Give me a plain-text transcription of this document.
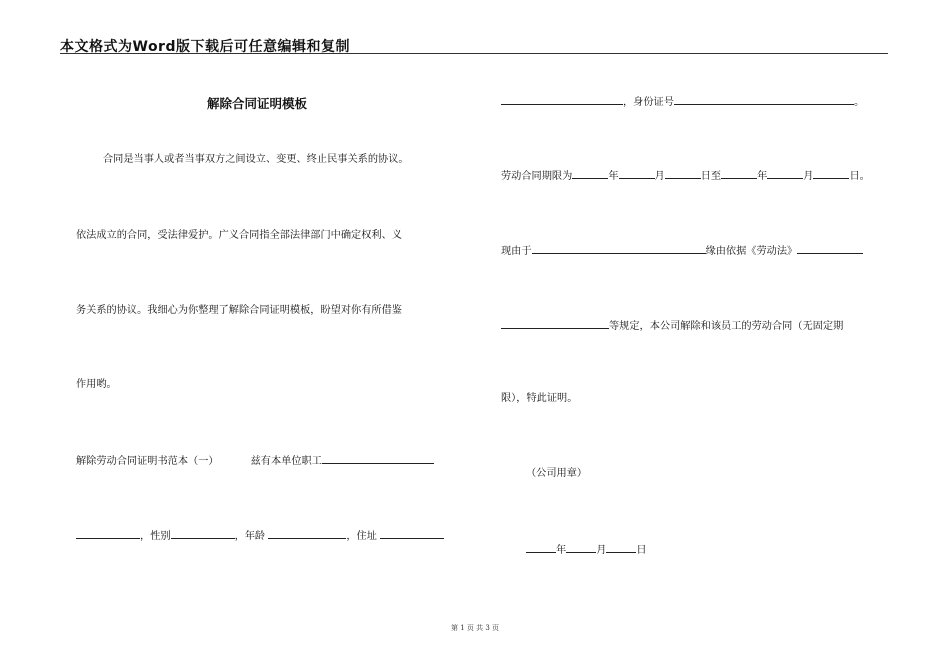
本文格式为Word版下载后可任意编辑和复制
解除合同证明模板
合同是当事人或者当事双方之间设立、变更、终止民事关系的协议。
依法成立的合同，受法律爱护。广义合同指全部法律部门中确定权利、义
务关系的协议。我细心为你整理了解除合同证明模板，盼望对你有所借鉴
作用哟。
解除劳动合同证明书范本（一）	兹有本单位职工
，性别	，年龄	，住址
，身份证号	。
劳动合同期限为	年	月	日至	年	月	日。
现由于	缘由依据《劳动法》
等规定，本公司解除和该员工的劳动合同（无固定期
限），特此证明。
（公司用章）
年	月	日
第 1 页 共 3 页
